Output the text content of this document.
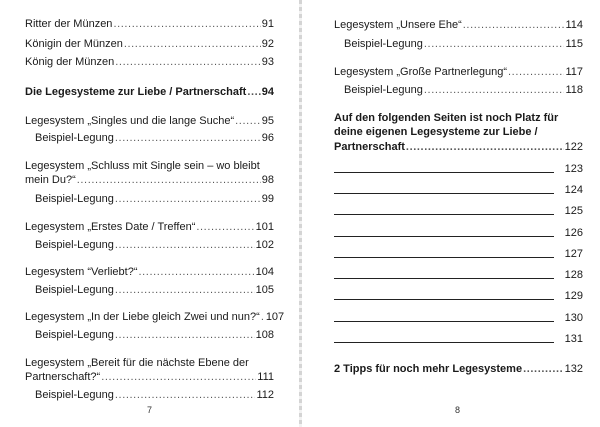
Ritter der Münzen .....	91
Königin der Münzen .....	92
König der Münzen .....	93
Die Legesysteme zur Liebe / Partnerschaft ..... 94
Legesystem „Singles und die lange Suche“ .....	95
Beispiel-Legung .....	96
Legesystem „Schluss mit Single sein – wo bleibt
mein Du?“ .....	98
Beispiel-Legung .....	99
Legesystem „Erstes Date / Treffen“ .....	101
Beispiel-Legung .....	102
Legesystem “Verliebt?“ .....	104
Beispiel-Legung .....	105
Legesystem „In der Liebe gleich Zwei und nun?“ ..... 107
Beispiel-Legung .....	108
Legesystem „Bereit für die nächste Ebene der
Partnerschaft?“ .....	111
Beispiel-Legung .....	112
7
Legesystem „Unsere Ehe“ .....	114
Beispiel-Legung .....	115
Legesystem „Große Partnerlegung“ .....	117
Beispiel-Legung .....	118
Auf den folgenden Seiten ist noch Platz für
deine eigenen Legesysteme zur Liebe /
Partnerschaft .....	122
123
124
125
126
127
128
129
130
131
2 Tipps für noch mehr Legesysteme .....	132
8
